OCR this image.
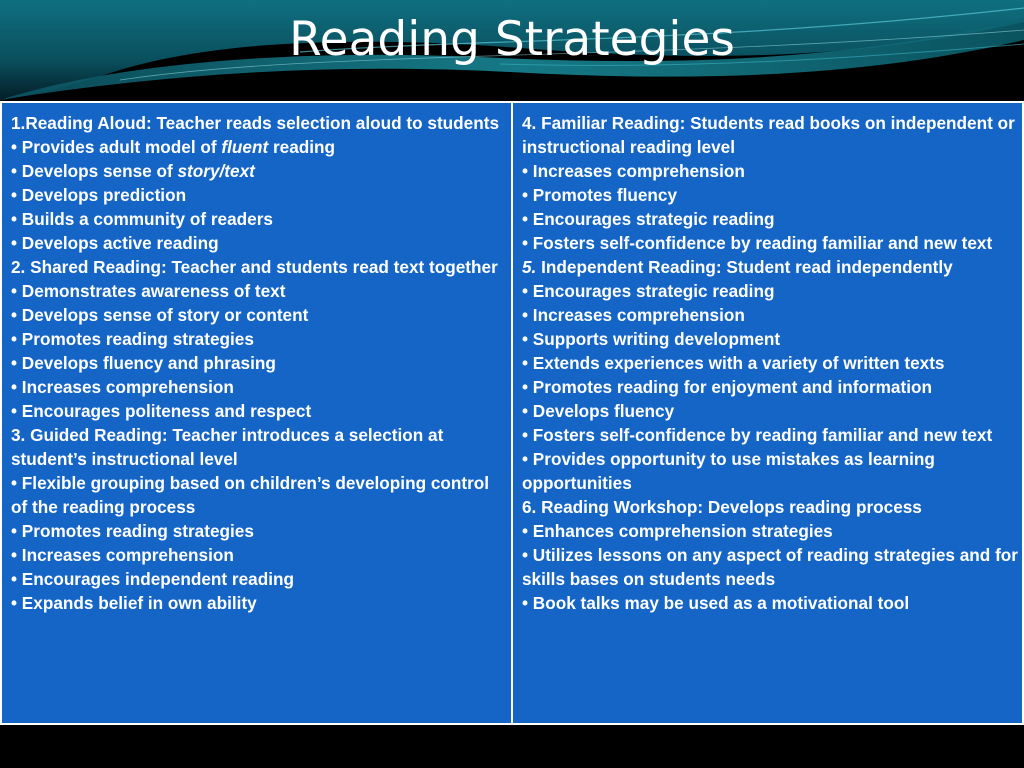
Reading Strategies
1.Reading Aloud: Teacher reads selection aloud to students
• Provides adult model of fluent reading
• Develops sense of story/text
• Develops prediction
• Builds a community of readers
• Develops active reading
2. Shared Reading: Teacher and students read text together
• Demonstrates awareness of text
• Develops sense of story or content
• Promotes reading strategies
• Develops fluency and phrasing
• Increases comprehension
• Encourages politeness and respect
3. Guided Reading: Teacher introduces a selection at student’s instructional level
• Flexible grouping based on children’s developing control of the reading process
• Promotes reading strategies
• Increases comprehension
• Encourages independent reading
• Expands belief in own ability
4. Familiar Reading: Students read books on independent or instructional reading level
• Increases comprehension
• Promotes fluency
• Encourages strategic reading
• Fosters self-confidence by reading familiar and new text
5. Independent Reading: Student read independently
• Encourages strategic reading
• Increases comprehension
• Supports writing development
• Extends experiences with a variety of written texts
• Promotes reading for enjoyment and information
• Develops fluency
• Fosters self-confidence by reading familiar and new text
• Provides opportunity to use mistakes as learning opportunities
6. Reading Workshop: Develops reading process
• Enhances comprehension strategies
• Utilizes lessons on any aspect of reading strategies and for skills bases on students needs
• Book talks may be used as a motivational tool
